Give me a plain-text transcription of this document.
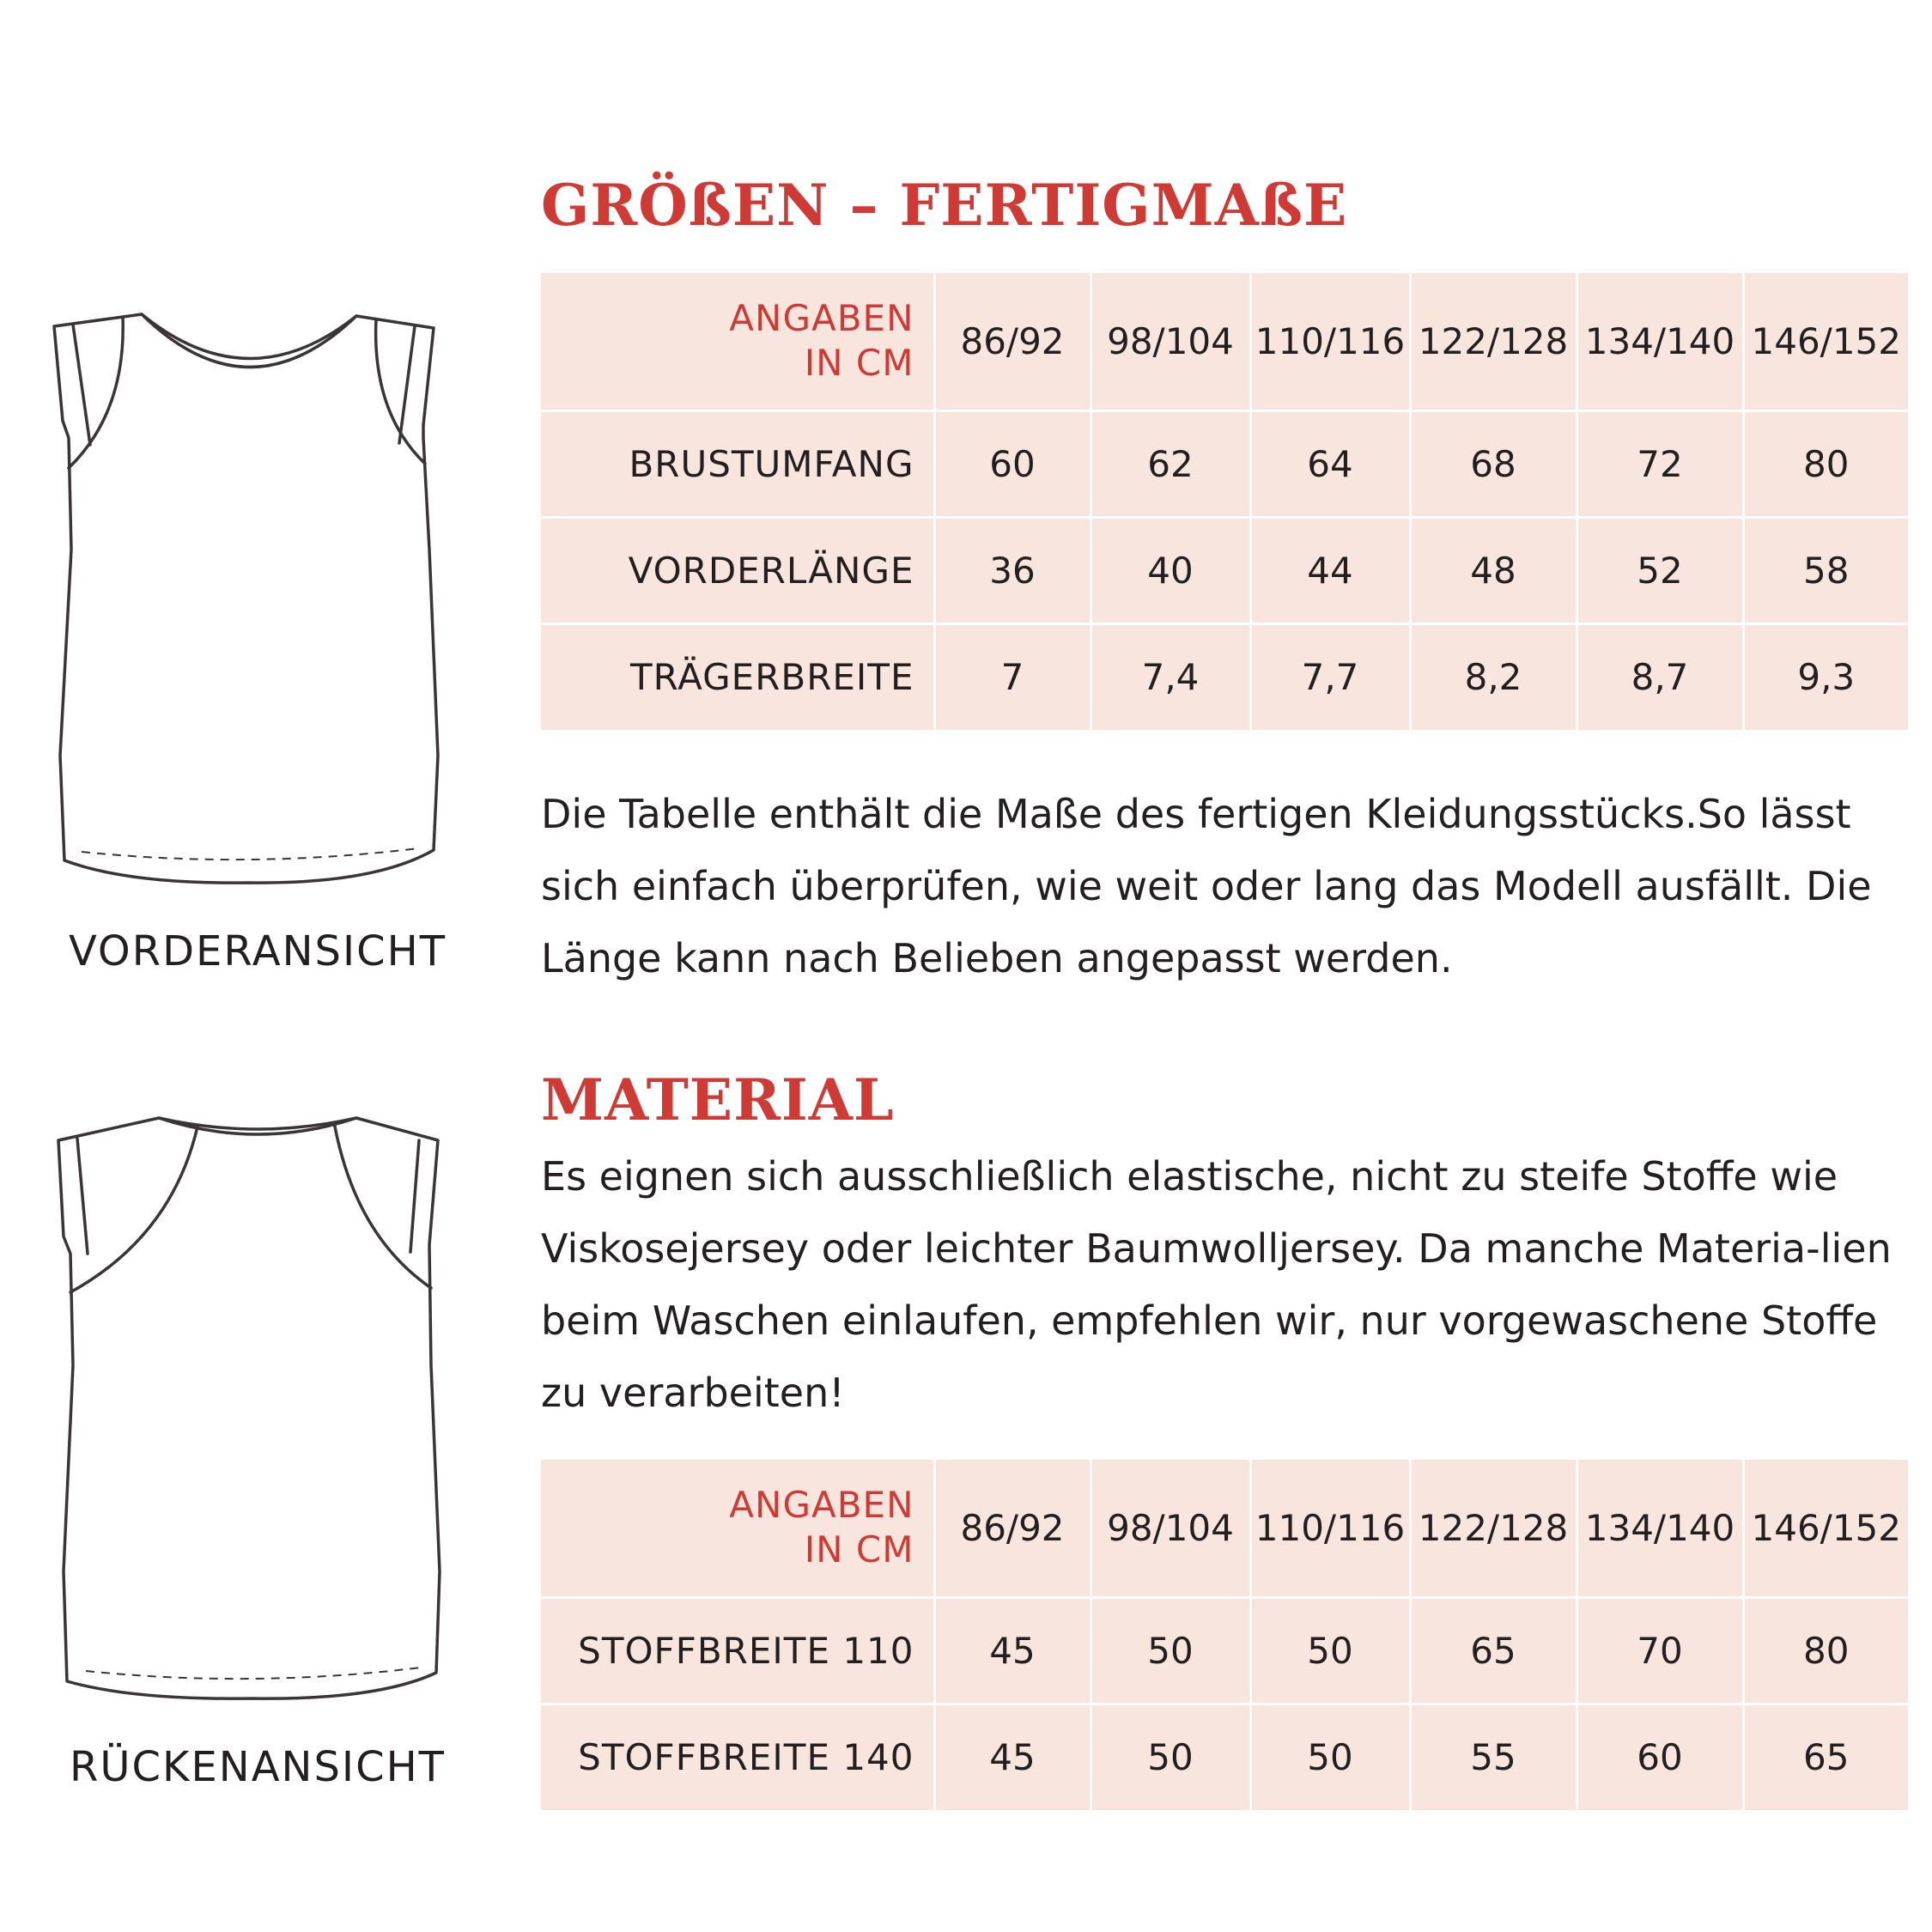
VORDERANSICHT
RÜCKENANSICHT
GRÖßEN – FERTIGMAßE
ANGABEN
IN CM	86/92	98/104	110/116	122/128	134/140	146/152
BRUSTUMFANG	60	62	64	68	72	80
VORDERLÄNGE	36	40	44	48	52	58
TRÄGERBREITE	7	7,4	7,7	8,2	8,7	9,3

Die Tabelle enthält die Maße des fertigen Kleidungsstücks.So lässt sich einfach überprüfen, wie weit oder lang das Modell ausfällt. Die Länge kann nach Belieben angepasst werden.

MATERIAL

Es eignen sich ausschließlich elastische, nicht zu steife Stoffe wie Viskosejersey oder leichter Baumwolljersey. Da manche Materia-lien beim Waschen einlaufen, empfehlen wir, nur vorgewaschene Stoffe zu verarbeiten!

ANGABEN
IN CM	86/92	98/104	110/116	122/128	134/140	146/152
STOFFBREITE 110	45	50	50	65	70	80
STOFFBREITE 140	45	50	50	55	60	65
